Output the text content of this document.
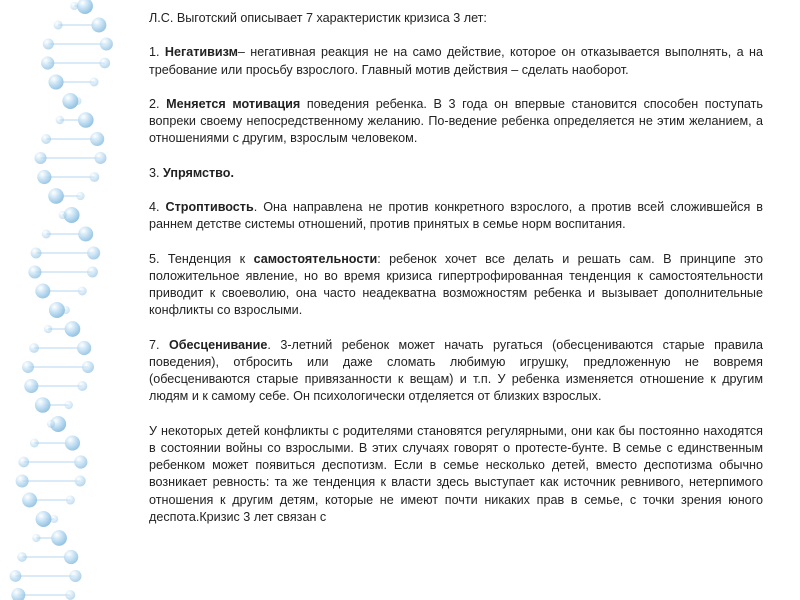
Л.С. Выготский описывает 7 характеристик кризиса 3 лет:

1. Негативизм– негативная реакция не на само действие, которое он отказывается выполнять, а на требование или просьбу взрослого. Главный мотив действия – сделать наоборот.

2. Меняется мотивация поведения ребенка. В 3 года он впервые становится способен поступать вопреки своему непосредственному желанию. По-ведение ребенка определяется не этим желанием, а отношениями с другим, взрослым человеком.

3. Упрямство.

4. Строптивость. Она направлена не против конкретного взрослого, а против всей сложившейся в раннем детстве системы отношений, против принятых в семье норм воспитания.

5. Тенденция к самостоятельности: ребенок хочет все делать и решать сам. В принципе это положительное явление, но во время кризиса гипертрофированная тенденция к самостоятельности приводит к своеволию, она часто неадекватна возможностям ребенка и вызывает дополнительные конфликты со взрослыми.

7. Обесценивание. 3-летний ребенок может начать ругаться (обесцениваются старые правила поведения), отбросить или даже сломать любимую игрушку, предложенную не вовремя (обесцениваются старые привязанности к вещам) и т.п. У ребенка изменяется отношение к другим людям и к самому себе. Он психологически отделяется от близких взрослых.

У некоторых детей конфликты с родителями становятся регулярными, они как бы постоянно находятся в состоянии войны со взрослыми. В этих случаях говорят о протесте-бунте. В семье с единственным ребенком может появиться деспотизм. Если в семье несколько детей, вместо деспотизма обычно возникает ревность: та же тенденция к власти здесь выступает как источник ревнивого, нетерпимого отношения к другим детям, которые не имеют почти никаких прав в семье, с точки зрения юного деспота.Кризис 3 лет связан с
